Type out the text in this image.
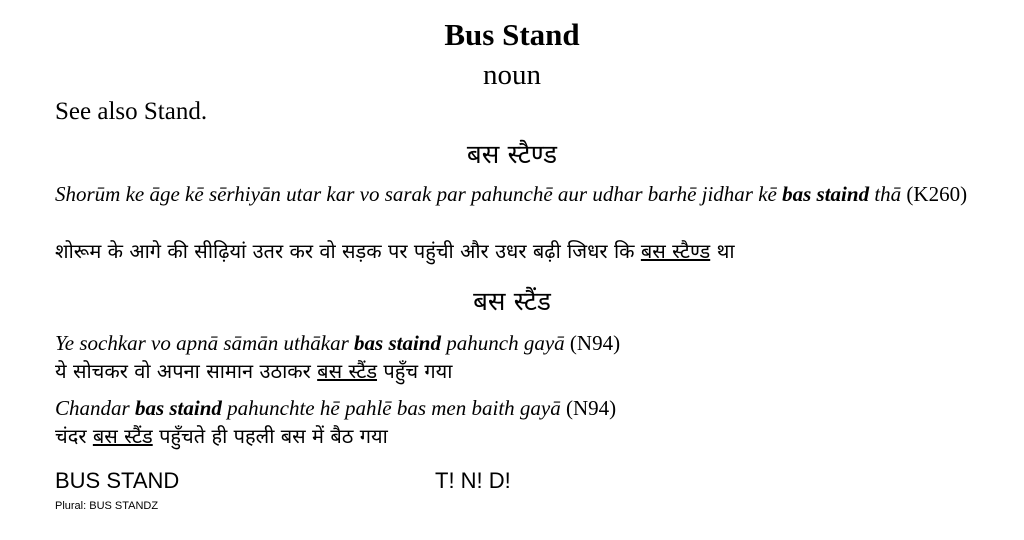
Bus Stand
noun
See also Stand.
बस स्टैण्ड
Shorūm ke āge kē sērhiyān utar kar vo sarak par pahunchē aur udhar barhē jidhar kē bas staind thā (K260)
शोरूम के आगे की सीढ़ियां उतर कर वो सड़क पर पहुंची और उधर बढ़ी जिधर कि बस स्टैण्ड था
बस स्टैंड
Ye sochkar vo apnā sāmān uthākar bas staind pahunch gayā (N94)
ये सोचकर वो अपना सामान उठाकर बस स्टैंड पहुँच गया
Chandar bas staind pahunchte hē pahlē bas men baith gayā (N94)
चंदर बस स्टैंड पहुँचते ही पहली बस में बैठ गया
BUS STAND	T! N! D!
Plural: BUS STANDZ
